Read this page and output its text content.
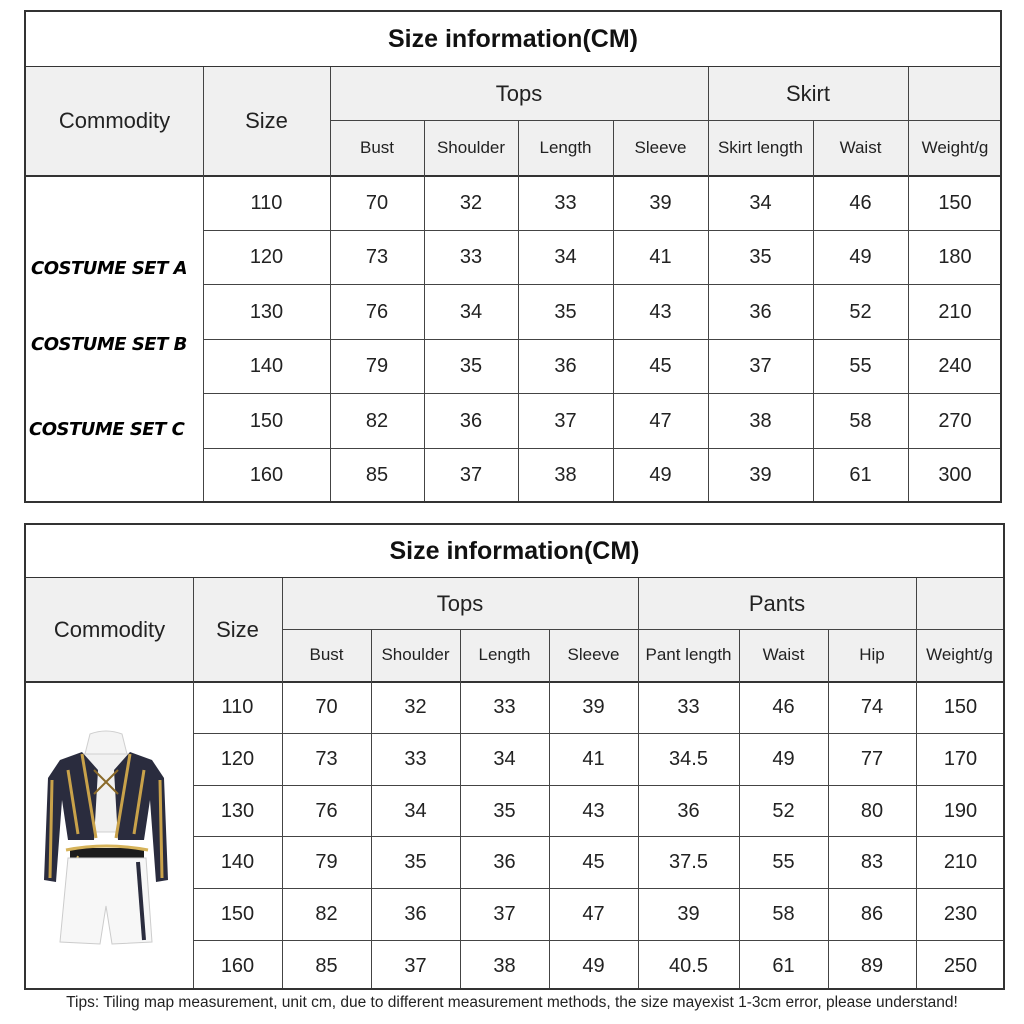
Size information(CM)
Commodity	Size
Tops	Skirt
Bust	Shoulder	Length	Sleeve	Skirt length	Waist	Weight/g
COSTUME SET A
COSTUME SET B
COSTUME SET C
110	70	32	33	39	34	46	150
120	73	33	34	41	35	49	180
130	76	34	35	43	36	52	210
140	79	35	36	45	37	55	240
150	82	36	37	47	38	58	270
160	85	37	38	49	39	61	300
Size information(CM)
Commodity	Size
Tops	Pants
Bust	Shoulder	Length	Sleeve	Pant length	Waist	Hip	Weight/g
110	70	32	33	39	33	46	74	150
120	73	33	34	41	34.5	49	77	170
130	76	34	35	43	36	52	80	190
140	79	35	36	45	37.5	55	83	210
150	82	36	37	47	39	58	86	230
160	85	37	38	49	40.5	61	89	250
Tips: Tiling map measurement, unit cm, due to different measurement methods, the size mayexist 1-3cm error, please understand!
